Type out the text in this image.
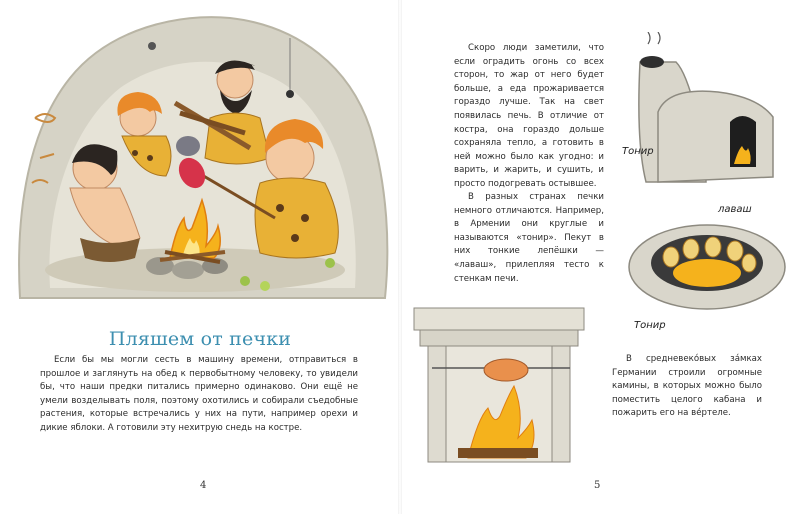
Пляшем от печки

Если бы мы могли сесть в машину времени, отправиться в прошлое и заглянуть на обед к первобытному человеку, то увидели бы, что наши предки питались примерно одинаково. Они ещё не умели возделывать поля, поэтому охотились и собирали съедобные растения, которые встречались у них на пути, например орехи и дикие яблоки. А готовили эту нехитрую снедь на костре.

4

Скоро люди заметили, что если оградить огонь со всех сторон, то жар от него будет больше, а еда прожаривается гораздо лучше. Так на свет появилась печь. В отличие от костра, она гораздо дольше сохраняла тепло, а готовить в ней можно было как угодно: и варить, и жарить, и сушить, и просто подогревать остывшее.

В разных странах печки немного отличаются. Например, в Армении они круглые и называются «тонир». Пекут в них тонкие лепёшки — «лаваш», прилепляя тесто к стенкам печи.

Тонир
лаваш
Тонир

В средневеко́вых за́мках Германии строили огромные камины, в которых можно было поместить целого кабана и пожарить его на ве́ртеле.

5
